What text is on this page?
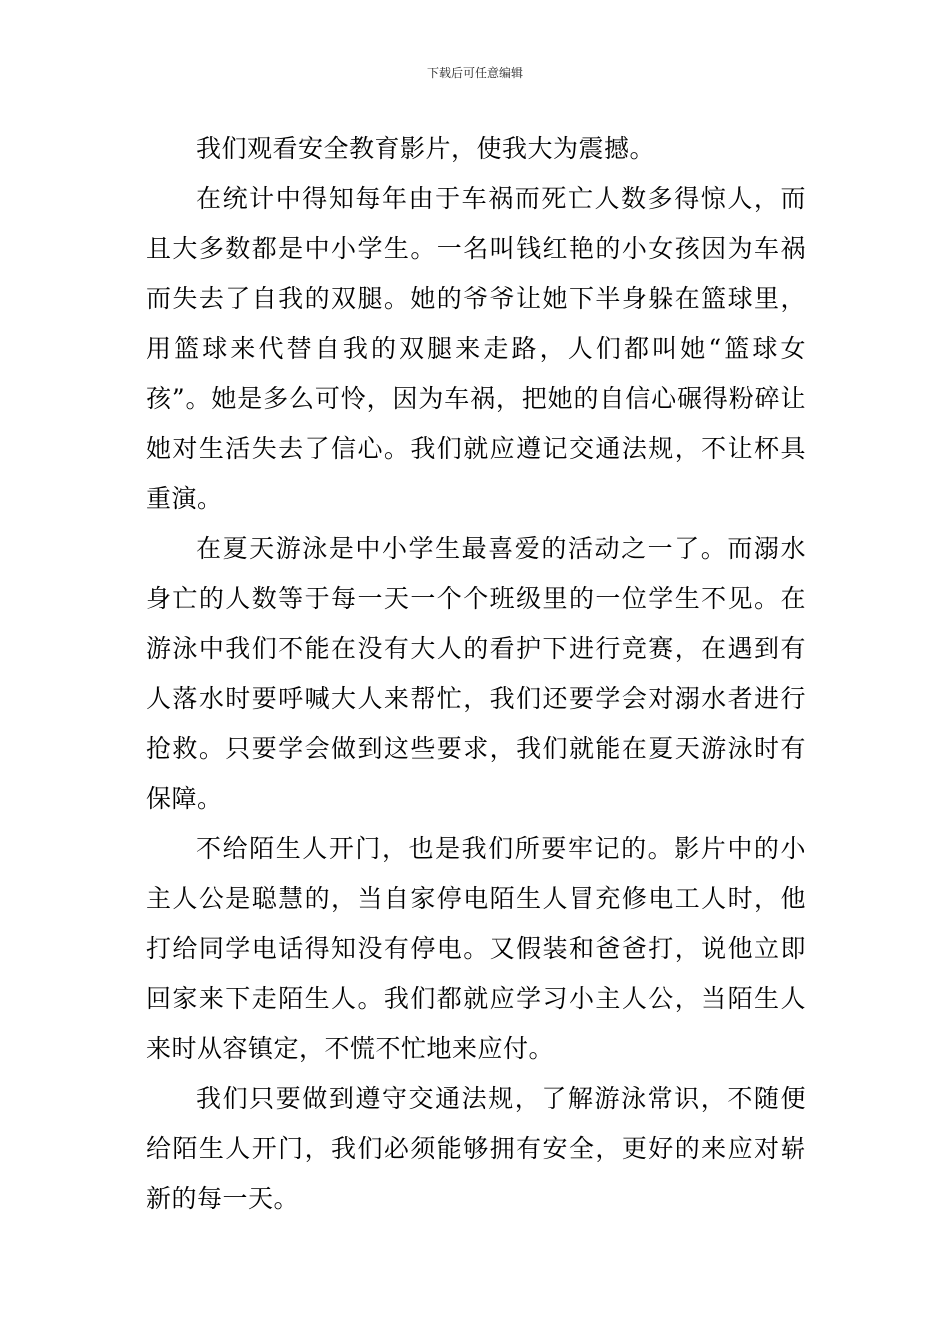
下载后可任意编辑

我们观看安全教育影片，使我大为震撼。

在统计中得知每年由于车祸而死亡人数多得惊人，而且大多数都是中小学生。一名叫钱红艳的小女孩因为车祸而失去了自我的双腿。她的爷爷让她下半身躲在篮球里，用篮球来代替自我的双腿来走路，人们都叫她“篮球女孩”。她是多么可怜，因为车祸，把她的自信心碾得粉碎让她对生活失去了信心。我们就应遵记交通法规，不让杯具重演。

在夏天游泳是中小学生最喜爱的活动之一了。而溺水身亡的人数等于每一天一个个班级里的一位学生不见。在游泳中我们不能在没有大人的看护下进行竞赛，在遇到有人落水时要呼喊大人来帮忙，我们还要学会对溺水者进行抢救。只要学会做到这些要求，我们就能在夏天游泳时有保障。

不给陌生人开门，也是我们所要牢记的。影片中的小主人公是聪慧的，当自家停电陌生人冒充修电工人时，他打给同学电话得知没有停电。又假装和爸爸打，说他立即回家来下走陌生人。我们都就应学习小主人公，当陌生人来时从容镇定，不慌不忙地来应付。

我们只要做到遵守交通法规，了解游泳常识，不随便给陌生人开门，我们必须能够拥有安全，更好的来应对崭新的每一天。
